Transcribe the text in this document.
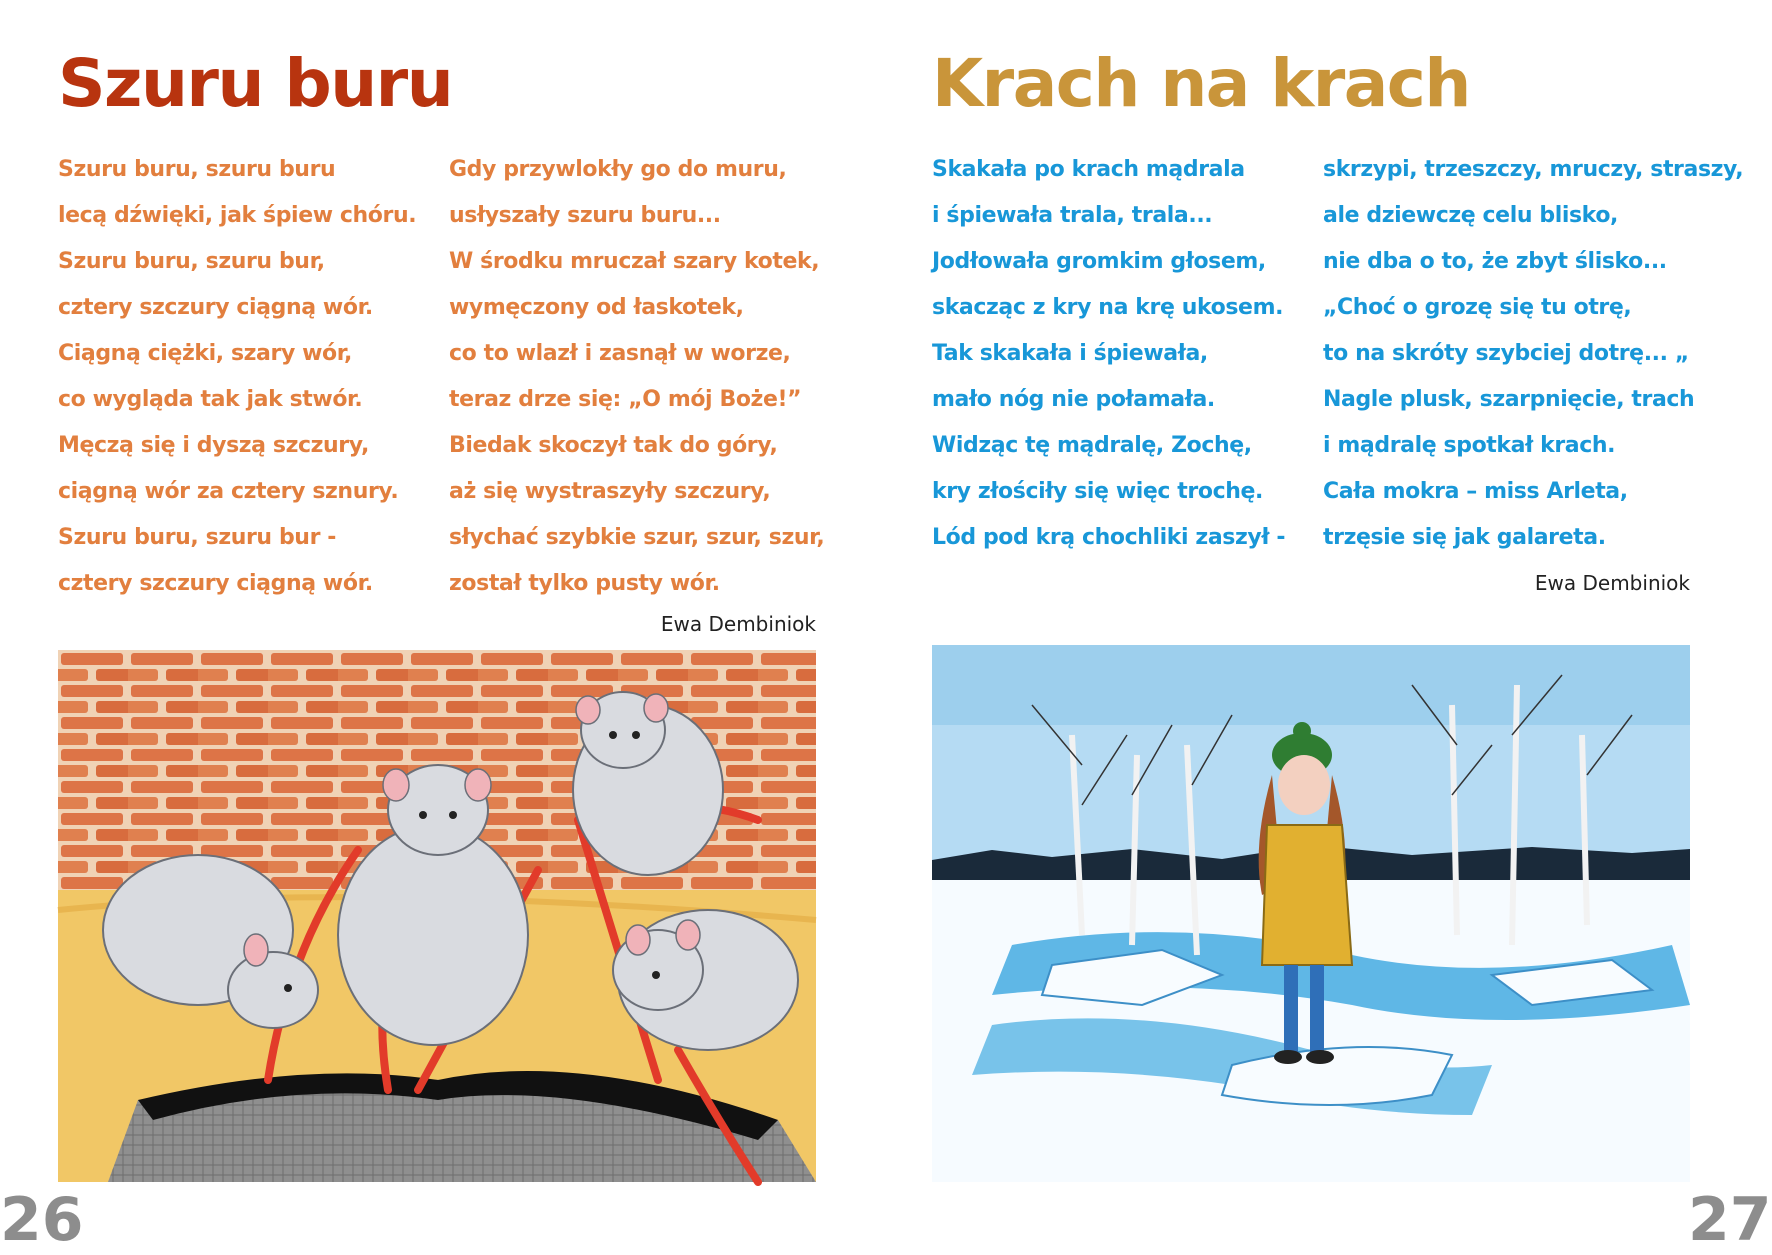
Szuru buru	Krach na krach
Szuru buru, szuru buru
lecą dźwięki, jak śpiew chóru.
Szuru buru, szuru bur,
cztery szczury ciągną wór.
Ciągną ciężki, szary wór,
co wygląda tak jak stwór.
Męczą się i dyszą szczury,
ciągną wór za cztery sznury.
Szuru buru, szuru bur -
cztery szczury ciągną wór.
Gdy przywlokły go do muru,
usłyszały szuru buru...
W środku mruczał szary kotek,
wymęczony od łaskotek,
co to wlazł i zasnął w worze,
teraz drze się: „O mój Boże!”
Biedak skoczył tak do góry,
aż się wystraszyły szczury,
słychać szybkie szur, szur, szur,
został tylko pusty wór.
Skakała po krach mądrala
i śpiewała trala, trala...
Jodłowała gromkim głosem,
skacząc z kry na krę ukosem.
Tak skakała i śpiewała,
mało nóg nie połamała.
Widząc tę mądralę, Zochę,
kry złościły się więc trochę.
Lód pod krą chochliki zaszył -
skrzypi, trzeszczy, mruczy, straszy,
ale dziewczę celu blisko,
nie dba o to, że zbyt ślisko...
„Choć o grozę się tu otrę,
to na skróty szybciej dotrę... „
Nagle plusk, szarpnięcie, trach
i mądralę spotkał krach.
Cała mokra – miss Arleta,
trzęsie się jak galareta.
Ewa Dembiniok
Ewa Dembiniok
26	27
